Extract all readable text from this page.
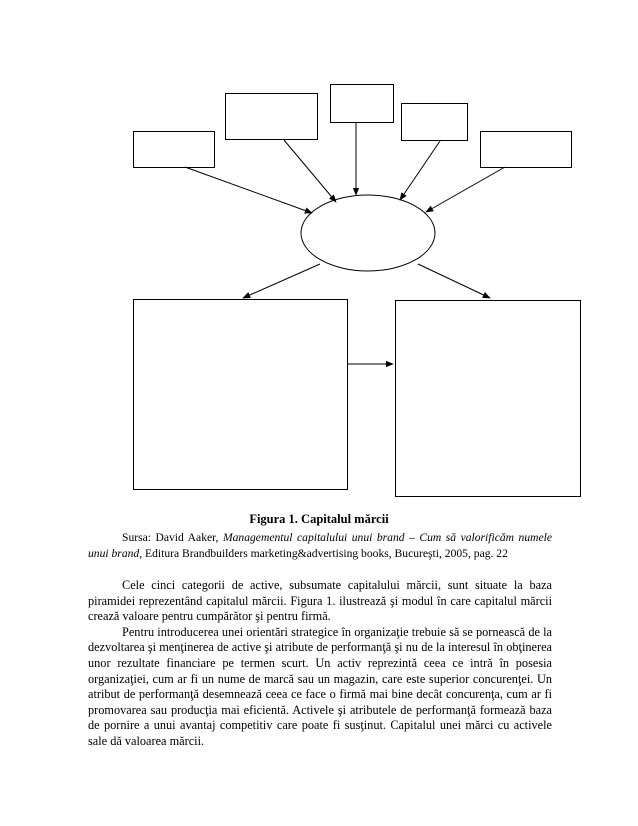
Figura 1. Capitalul mărcii
Sursa: David Aaker, Managementul capitalului unui brand – Cum să valorificăm numele unui brand, Editura Brandbuilders marketing&advertising books, Bucureşti, 2005, pag. 22

Cele cinci categorii de active, subsumate capitalului mărcii, sunt situate la baza piramidei reprezentând capitalul mărcii. Figura 1. ilustrează şi modul în care capitalul mărcii crează valoare pentru cumpărător şi pentru firmă.

Pentru introducerea unei orientări strategice în organizaţie trebuie să se pornească de la dezvoltarea şi menţinerea de active şi atribute de performanţă şi nu de la interesul în obţinerea unor rezultate financiare pe termen scurt. Un activ reprezintă ceea ce intră în posesia organizaţiei, cum ar fi un nume de marcă sau un magazin, care este superior concurenţei. Un atribut de performanţă desemnează ceea ce face o firmă mai bine decât concurenţa, cum ar fi promovarea sau producţia mai eficientă. Activele şi atributele de performanţă formează baza de pornire a unui avantaj competitiv care poate fi susţinut. Capitalul unei mărci cu activele sale dă valoarea mărcii.
